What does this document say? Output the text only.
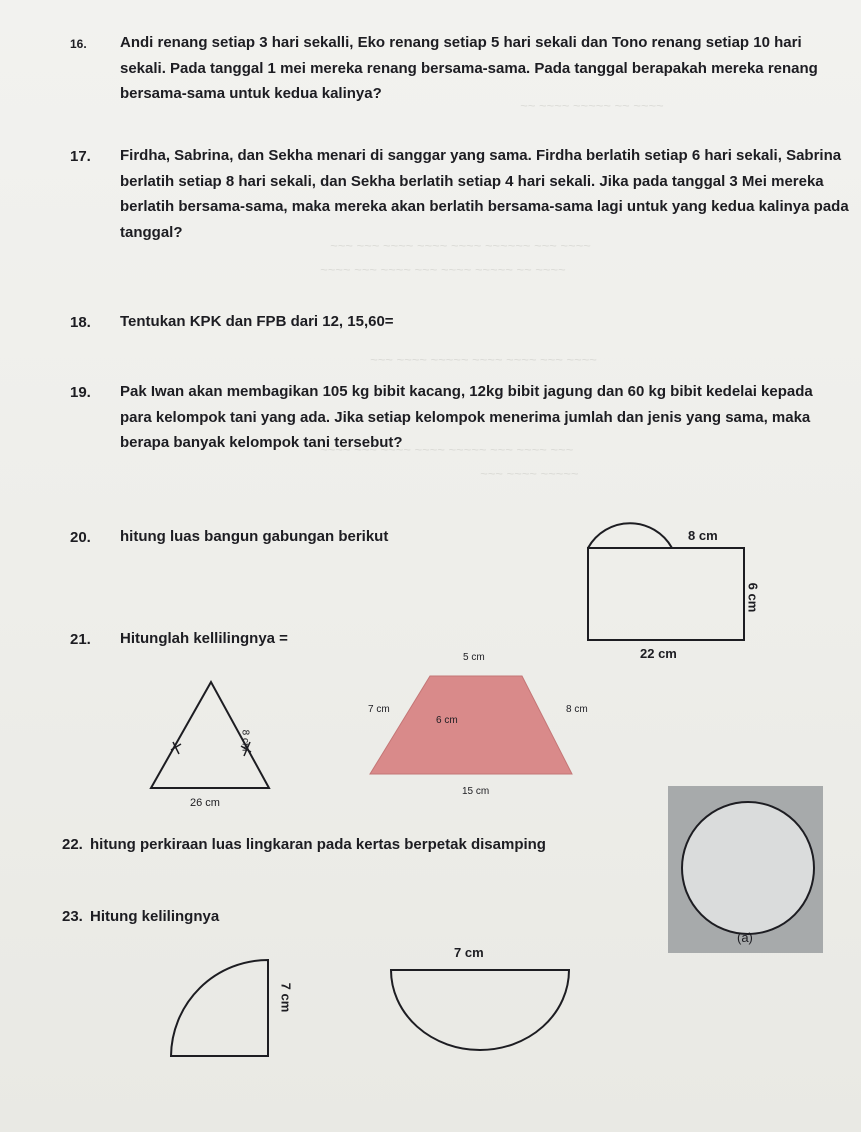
~~ ~~~~ ~~~~~ ~~ ~~~~
~~~ ~~~ ~~~~ ~~~~ ~~~~ ~~~~~~ ~~~ ~~~~
~~~~ ~~~ ~~~~ ~~~ ~~~~ ~~~~~ ~~ ~~~~
~~~ ~~~~ ~~~~~ ~~~~ ~~~~ ~~~ ~~~~
~~~~ ~~~ ~~~~ ~~~~ ~~~~~ ~~~ ~~~~ ~~~
~~~ ~~~~ ~~~~~
16. Andi renang setiap 3 hari sekalli, Eko renang setiap 5 hari sekali dan Tono renang setiap 10 hari sekali. Pada tanggal 1 mei mereka renang bersama-sama. Pada tanggal berapakah mereka renang bersama-sama untuk kedua kalinya?
17. Firdha, Sabrina, dan Sekha menari di sanggar yang sama. Firdha berlatih setiap 6 hari sekali, Sabrina berlatih setiap 8 hari sekali, dan Sekha berlatih setiap 4 hari sekali. Jika pada tanggal 3 Mei mereka berlatih bersama-sama, maka mereka akan berlatih bersama-sama lagi untuk yang kedua kalinya pada tanggal?
18. Tentukan KPK dan FPB dari 12, 15,60=
19. Pak Iwan akan membagikan 105 kg bibit kacang, 12kg bibit jagung dan 60 kg bibit kedelai kepada para kelompok tani yang ada. Jika setiap kelompok menerima jumlah dan jenis yang sama, maka berapa banyak kelompok tani tersebut?
20. hitung luas bangun gabungan berikut	8 cm
6 cm
22 cm
21. Hitunglah kellilingnya =
8 cm
26 cm
5 cm
7 cm
6 cm
8 cm
15 cm
(a)
22. hitung perkiraan luas lingkaran pada kertas berpetak disamping
23. Hitung kelilingnya
7 cm
7 cm
